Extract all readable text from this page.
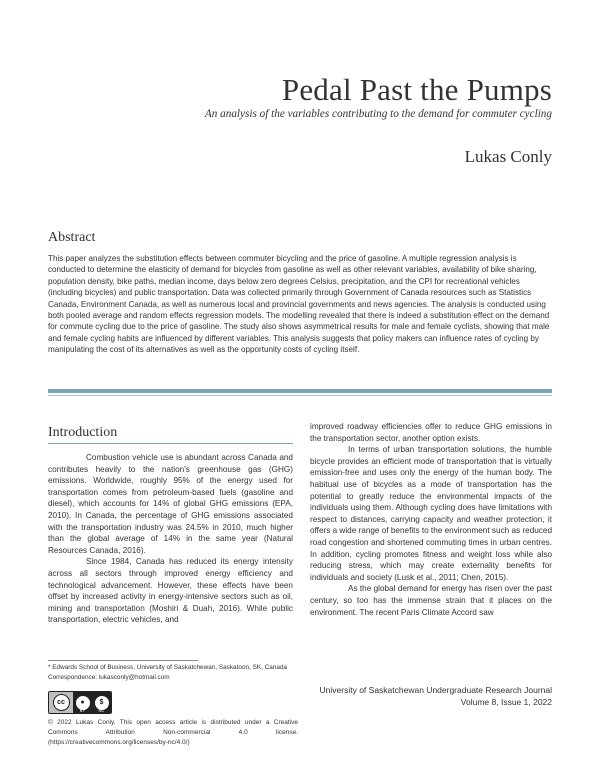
Pedal Past the Pumps
An analysis of the variables contributing to the demand for commuter cycling
Lukas Conly
Abstract
This paper analyzes the substitution effects between commuter bicycling and the price of gasoline. A multiple regression analysis is conducted to determine the elasticity of demand for bicycles from gasoline as well as other relevant variables, availability of bike sharing, population density, bike paths, median income, days below zero degrees Celsius, precipitation, and the CPI for recreational vehicles (including bicycles) and public transportation. Data was collected primarily through Government of Canada resources such as Statistics Canada, Environment Canada, as well as numerous local and provincial governments and news agencies. The analysis is conducted using both pooled average and random effects regression models. The modelling revealed that there is indeed a substitution effect on the demand for commute cycling due to the price of gasoline. The study also shows asymmetrical results for male and female cyclists, showing that male and female cycling habits are influenced by different variables. This analysis suggests that policy makers can influence rates of cycling by manipulating the cost of its alternatives as well as the opportunity costs of cycling itself.
Introduction

Combustion vehicle use is abundant across Canada and contributes heavily to the nation's greenhouse gas (GHG) emissions. Worldwide, roughly 95% of the energy used for transportation comes from petroleum-based fuels (gasoline and diesel), which accounts for 14% of global GHG emissions (EPA, 2010). In Canada, the percentage of GHG emissions associated with the transportation industry was 24.5% in 2010, much higher than the global average of 14% in the same year (Natural Resources Canada, 2016).

Since 1984, Canada has reduced its energy intensity across all sectors through improved energy efficiency and technological advancement. However, these effects have been offset by increased activity in energy-intensive sectors such as oil, mining and transportation (Moshiri & Duah, 2016). While public transportation, electric vehicles, and

improved roadway efficiencies offer to reduce GHG emissions in the transportation sector, another option exists.

In terms of urban transportation solutions, the humble bicycle provides an efficient mode of transportation that is virtually emission-free and uses only the energy of the human body. The habitual use of bicycles as a mode of transportation has the potential to greatly reduce the environmental impacts of the individuals using them. Although cycling does have limitations with respect to distances, carrying capacity and weather protection, it offers a wide range of benefits to the environment such as reduced road congestion and shortened commuting times in urban centres. In addition, cycling promotes fitness and weight loss while also reducing stress, which may create externality benefits for individuals and society (Lusk et al., 2011; Chen, 2015).

As the global demand for energy has risen over the past century, so too has the immense strain that it places on the environment. The recent Paris Climate Accord saw

* Edwards School of Business, University of Saskatchewan, Saskatoon, SK, Canada
Correspondence: lukasconly@hotmail.com
cc	●	$
BY	NC
© 2022 Lukas Conly. This open access article is distributed under a Creative Commons Attribution Non-commercial 4.0 license. (https://creativecommons.org/licenses/by-nc/4.0/)
University of Saskatchewan Undergraduate Research Journal
Volume 8, Issue 1, 2022
